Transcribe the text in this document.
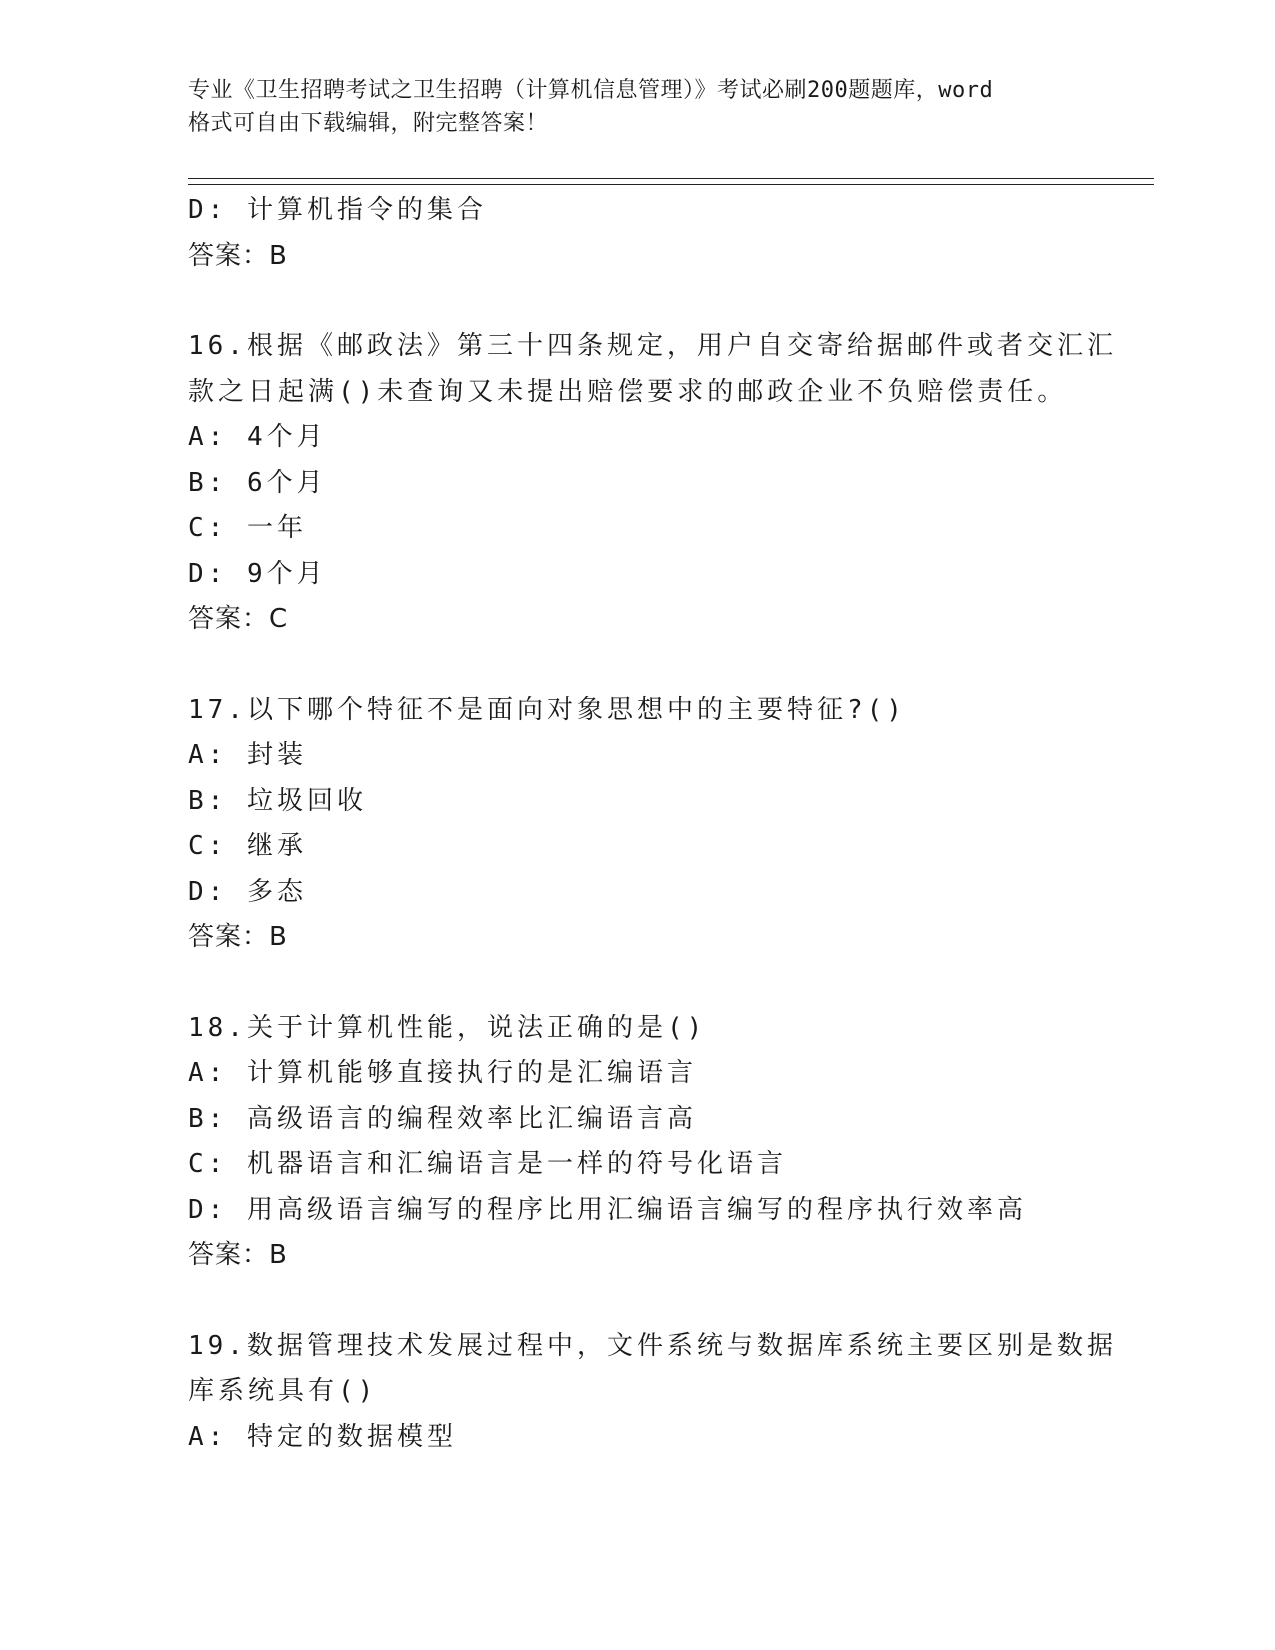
专业《卫生招聘考试之卫生招聘（计算机信息管理）》考试必刷200题题库，word
格式可自由下载编辑，附完整答案！
D: 计算机指令的集合
答案：B
16.根据《邮政法》第三十四条规定，用户自交寄给据邮件或者交汇汇
款之日起满()未查询又未提出赔偿要求的邮政企业不负赔偿责任。
A: 4个月
B: 6个月
C: 一年
D: 9个月
答案：C
17.以下哪个特征不是面向对象思想中的主要特征?()
A: 封装
B: 垃圾回收
C: 继承
D: 多态
答案：B
18.关于计算机性能，说法正确的是()
A: 计算机能够直接执行的是汇编语言
B: 高级语言的编程效率比汇编语言高
C: 机器语言和汇编语言是一样的符号化语言
D: 用高级语言编写的程序比用汇编语言编写的程序执行效率高
答案：B
19.数据管理技术发展过程中，文件系统与数据库系统主要区别是数据
库系统具有()
A: 特定的数据模型
